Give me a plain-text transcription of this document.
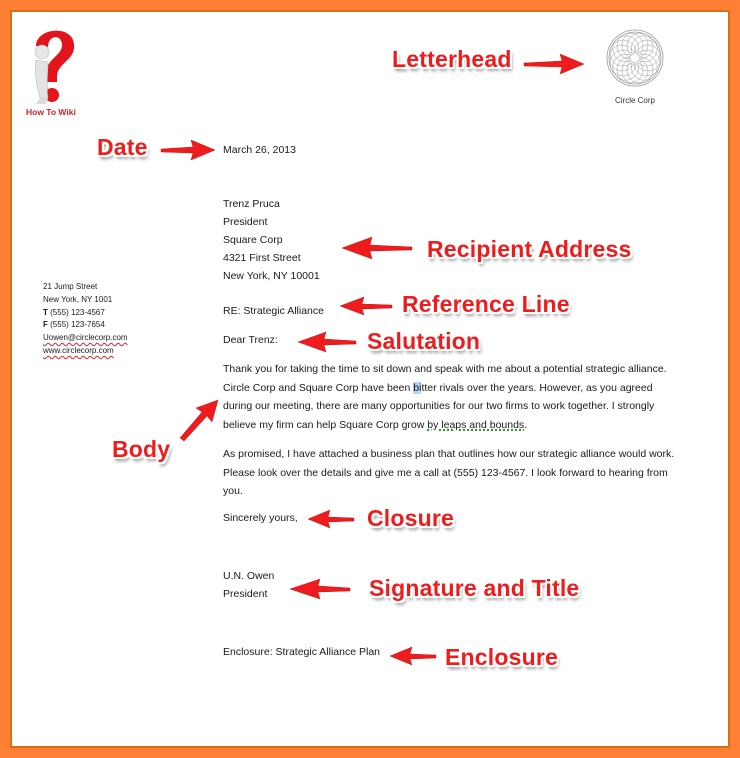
How To Wiki
Circle Corp
21 Jump Street
New York, NY 1001
T (555) 123-4567
F (555) 123-7654
Uowen@circlecorp.com
www.circlecorp.com
March 26, 2013
Trenz Pruca
President
Square Corp
4321 First Street
New York, NY 10001
RE: Strategic Alliance
Dear Trenz:
Thank you for taking the time to sit down and speak with me about a potential strategic alliance. Circle Corp and Square Corp have been bitter rivals over the years. However, as you agreed during our meeting, there are many opportunities for our two firms to work together. I strongly believe my firm can help Square Corp grow by leaps and bounds.
As promised, I have attached a business plan that outlines how our strategic alliance would work. Please look over the details and give me a call at (555) 123-4567. I look forward to hearing from you.
Sincerely yours,
U.N. Owen
President
Enclosure: Strategic Alliance Plan
Letterhead
Date
Recipient Address
Reference Line
Salutation
Body
Closure
Signature and Title
Enclosure
